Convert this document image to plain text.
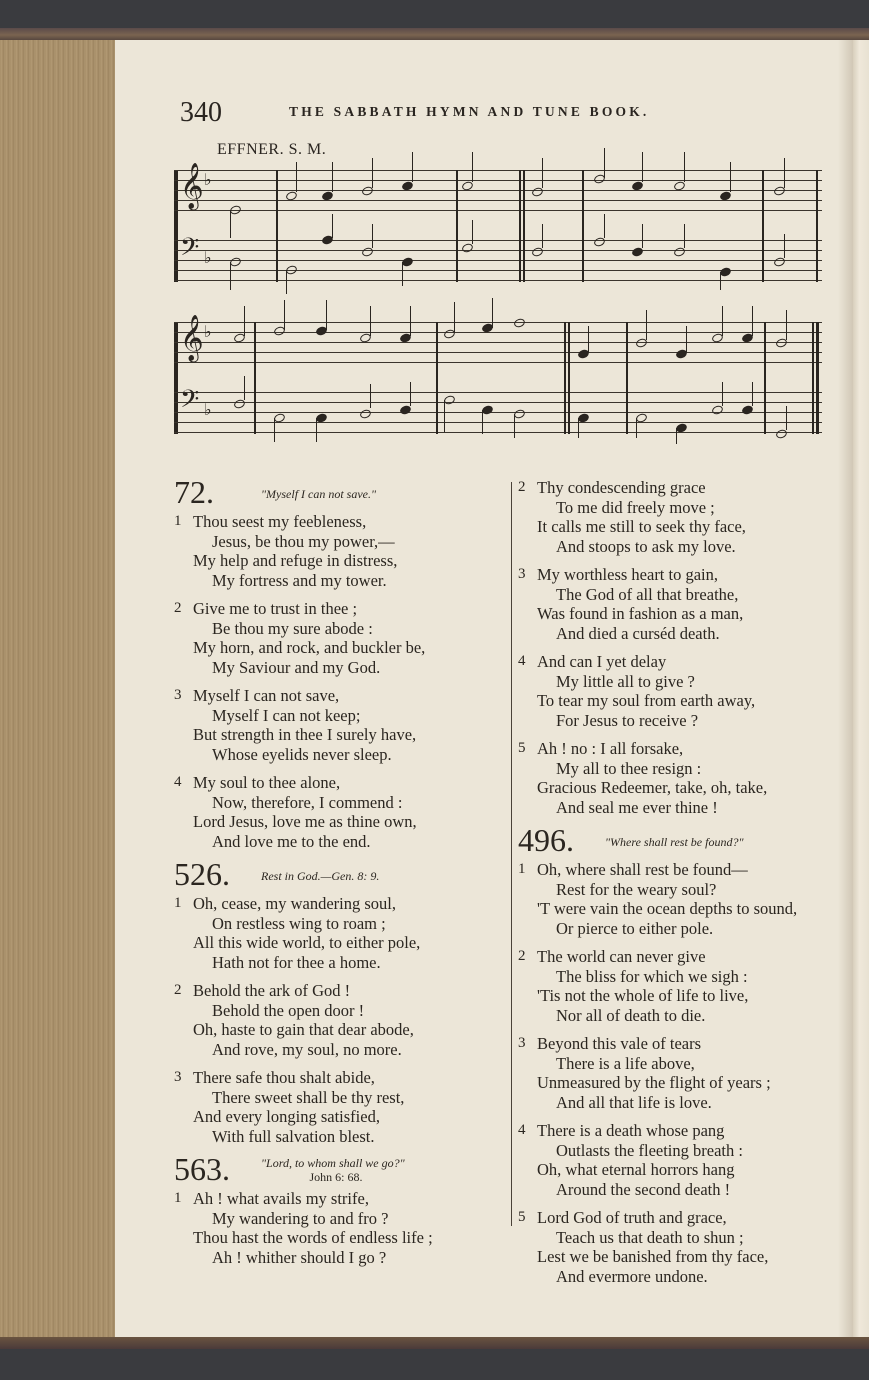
340	THE SABBATH HYMN AND TUNE BOOK.
EFFNER. S. M.
𝄞
𝄢
♭
♭
𝄞
𝄢
♭
♭
72.	"Myself I can not save."
1 Thou seest my feebleness,
Jesus, be thou my power,—
My help and refuge in distress,
My fortress and my tower.
2 Give me to trust in thee ;
Be thou my sure abode :
My horn, and rock, and buckler be,
My Saviour and my God.
3 Myself I can not save,
Myself I can not keep;
But strength in thee I surely have,
Whose eyelids never sleep.
4 My soul to thee alone,
Now, therefore, I commend :
Lord Jesus, love me as thine own,
And love me to the end.
526.	Rest in God.—Gen. 8: 9.
1 Oh, cease, my wandering soul,
On restless wing to roam ;
All this wide world, to either pole,
Hath not for thee a home.
2 Behold the ark of God !
Behold the open door !
Oh, haste to gain that dear abode,
And rove, my soul, no more.
3 There safe thou shalt abide,
There sweet shall be thy rest,
And every longing satisfied,
With full salvation blest.
563.	"Lord, to whom shall we go?"
John 6: 68.
1 Ah ! what avails my strife,
My wandering to and fro ?
Thou hast the words of endless life ;
Ah ! whither should I go ?
2 Thy condescending grace
To me did freely move ;
It calls me still to seek thy face,
And stoops to ask my love.
3 My worthless heart to gain,
The God of all that breathe,
Was found in fashion as a man,
And died a curséd death.
4 And can I yet delay
My little all to give ?
To tear my soul from earth away,
For Jesus to receive ?
5 Ah ! no : I all forsake,
My all to thee resign :
Gracious Redeemer, take, oh, take,
And seal me ever thine !
496.	"Where shall rest be found?"
1 Oh, where shall rest be found—
Rest for the weary soul?
'T were vain the ocean depths to sound,
Or pierce to either pole.
2 The world can never give
The bliss for which we sigh :
'Tis not the whole of life to live,
Nor all of death to die.
3 Beyond this vale of tears
There is a life above,
Unmeasured by the flight of years ;
And all that life is love.
4 There is a death whose pang
Outlasts the fleeting breath :
Oh, what eternal horrors hang
Around the second death !
5 Lord God of truth and grace,
Teach us that death to shun ;
Lest we be banished from thy face,
And evermore undone.
